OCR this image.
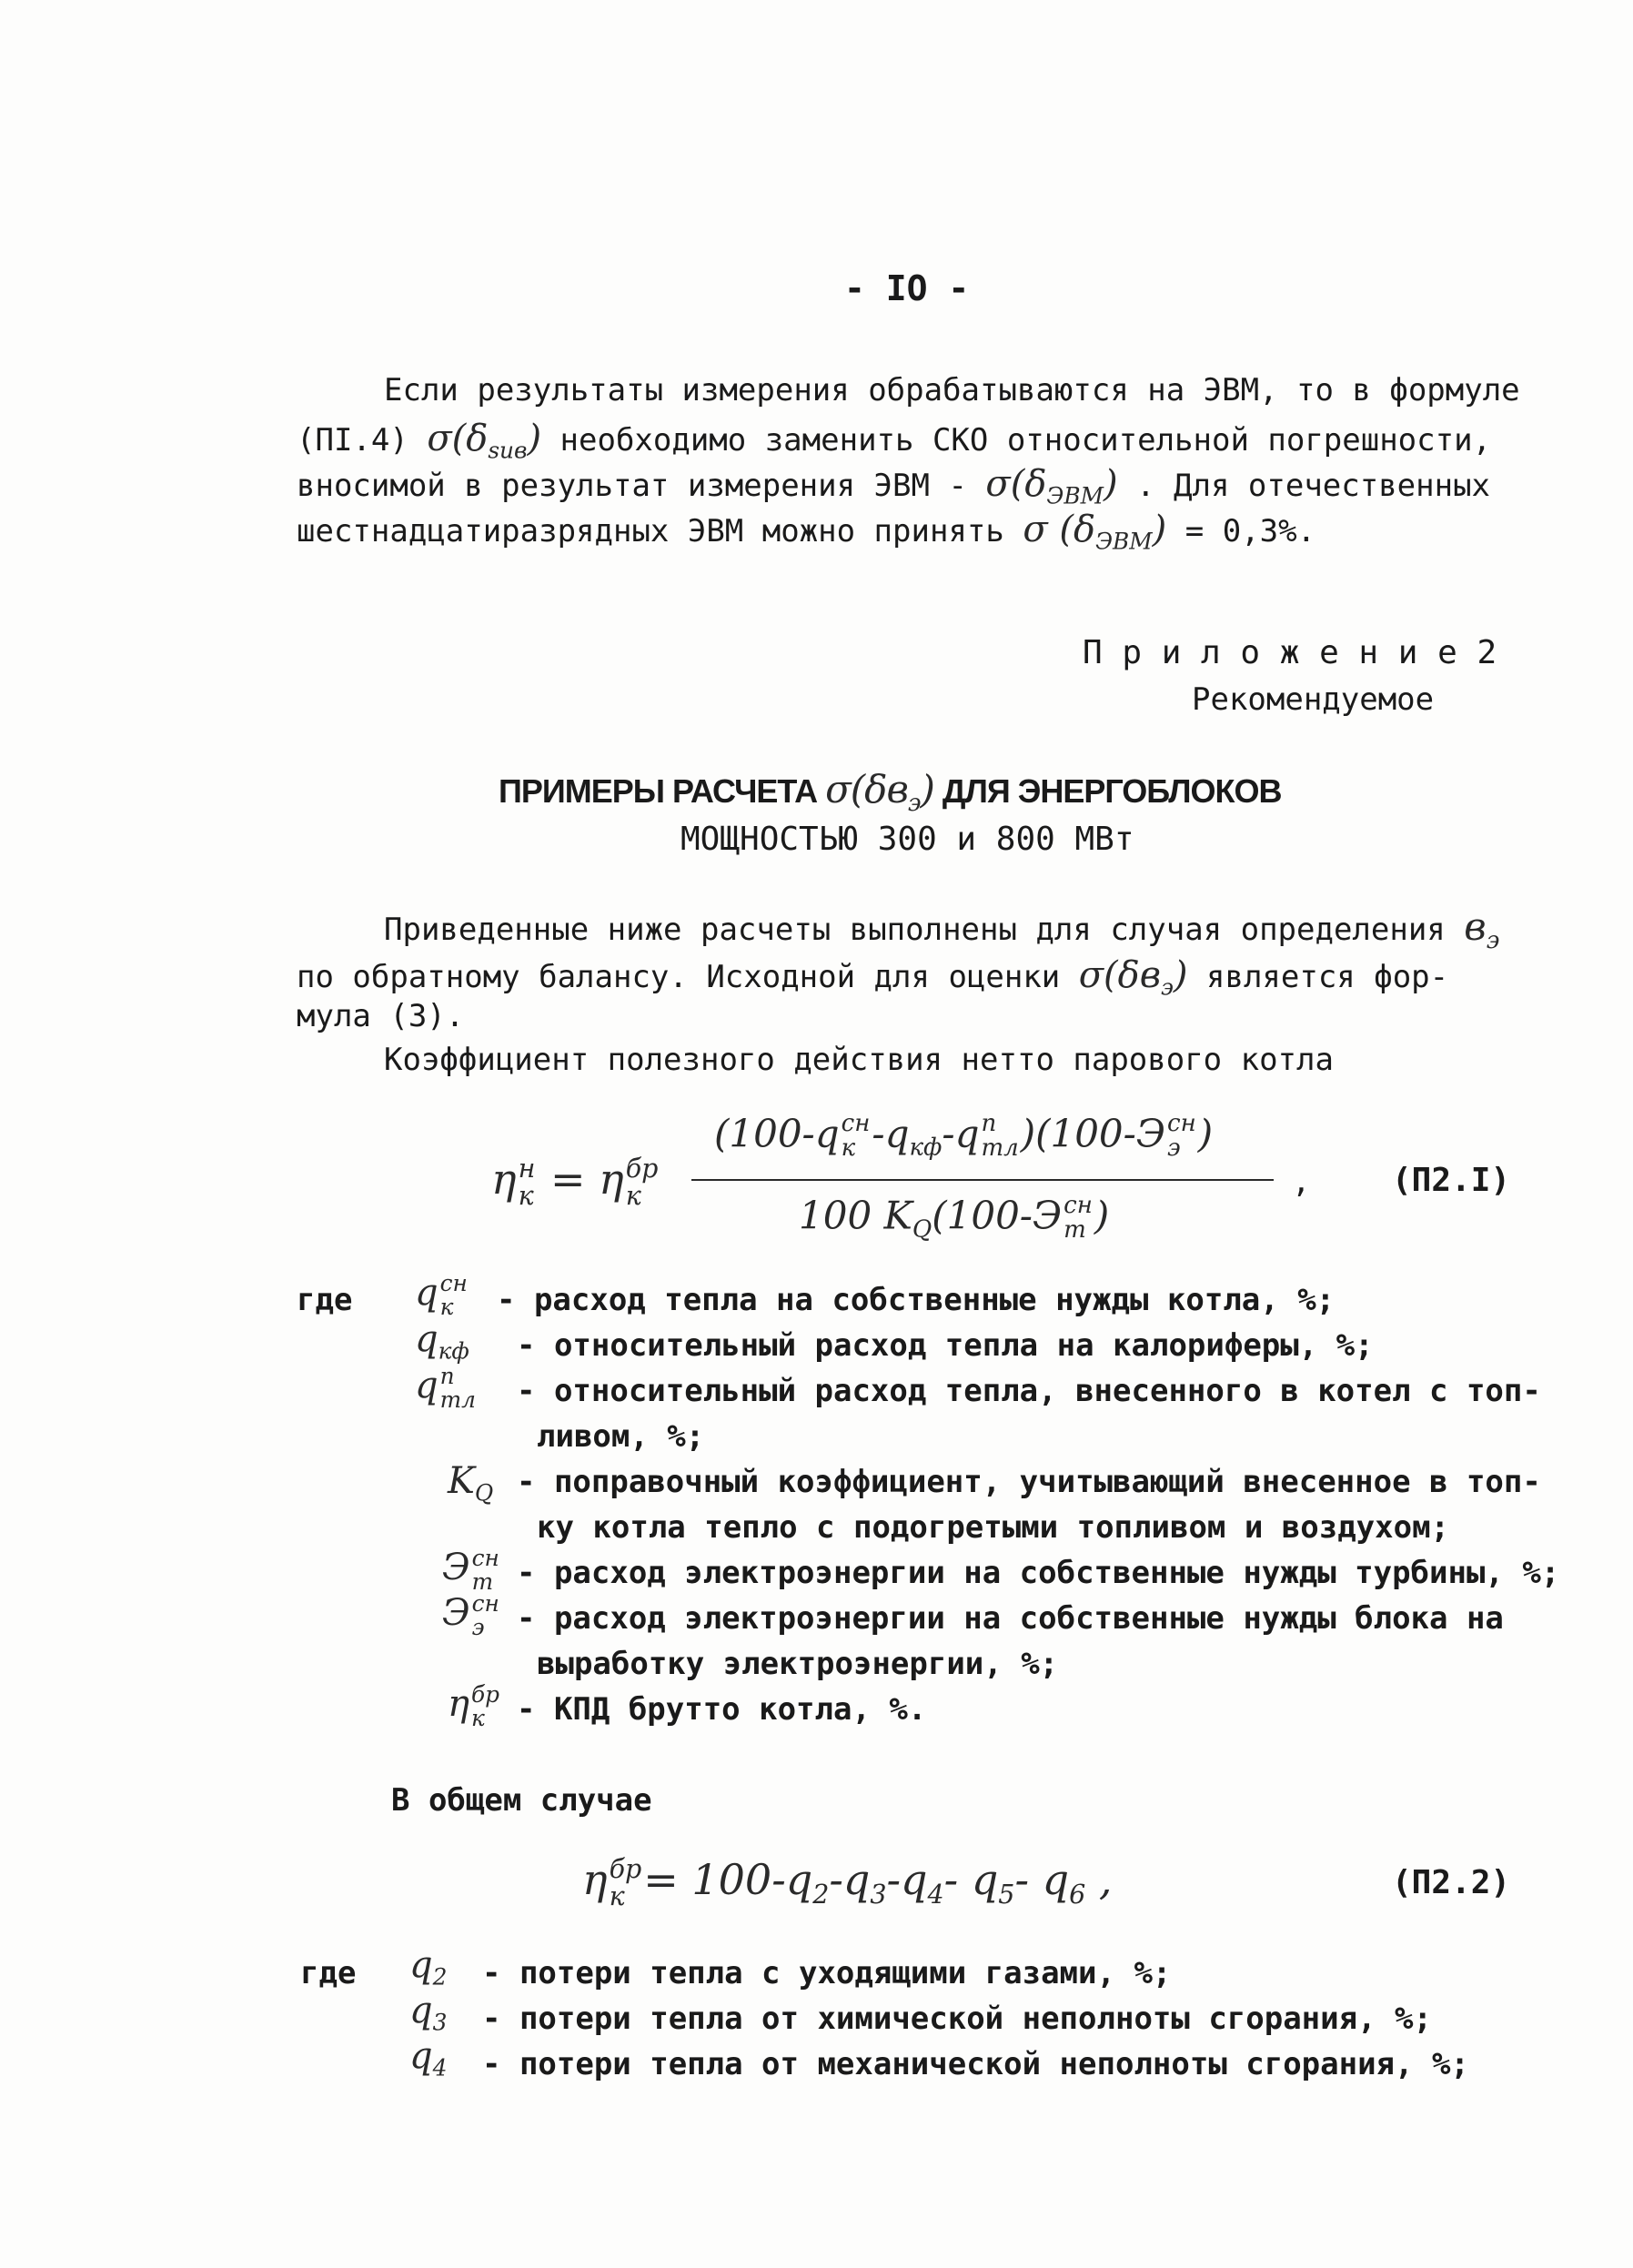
- IO -
Если результаты измерения обрабатываются на ЭВМ, то в формуле
(ПI.4) $\sigma(\delta_{suв})$ необходимо заменить СКО относительной погрешности,
вносимой в результат измерения ЭВМ - $\sigma(\delta_{ЭВМ})$ . Для отечественных
шестнадцатиразрядных ЭВМ можно принять σ $(\delta_{ЭВМ}) = 0,3\%$.
П р и л о ж е н и е 2
Рекомендуемое
ПРИМЕРЫ РАСЧЕТА $\sigma(\delta в_э)$ ДЛЯ ЭНЕРГОБЛОКОВ
МОЩНОСТЬЮ 300 и 800 МВт
Приведенные ниже расчеты выполнены для случая определения $в_э$
по обратному балансу. Исходной для оценки $\sigma(\delta в_э)$ является фор-
мула (3).
Коэффициент полезного действия нетто парового котла
η н
к = η бр
к
(100-q сн
к $-q_{кф}-q$ п
тл )(100-Э сн
э )
100 $K_Q(100-Э$ сн
т )
, (П2.I)
где q сн
к	- расход тепла на собственные нужды котла, %;
$q_{кф}$ - относительный расход тепла на калориферы, %;
q п
тл - относительный расход тепла, внесенного в котел с топ-
ливом, %;
$K_Q$ - поправочный коэффициент, учитывающий внесенное в топ-
ку котла тепло с подогретыми топливом и воздухом;
Э сн
т - расход электроэнергии на собственные нужды турбины, %;
Э сн
э	- расход электроэнергии на собственные нужды блока на
выработку электроэнергии, %;
η бр
к	- КПД брутто котла, %.
В общем случае
η бр
$к = 100-q_2-q_3-q_4-$ $q_5-$ $q_6$ ,	(П2.2)
где $q_2$ - потери тепла с уходящими газами, %;
$q_3$ - потери тепла от химической неполноты сгорания, %;
$q_4$ - потери тепла от механической неполноты сгорания, %;
